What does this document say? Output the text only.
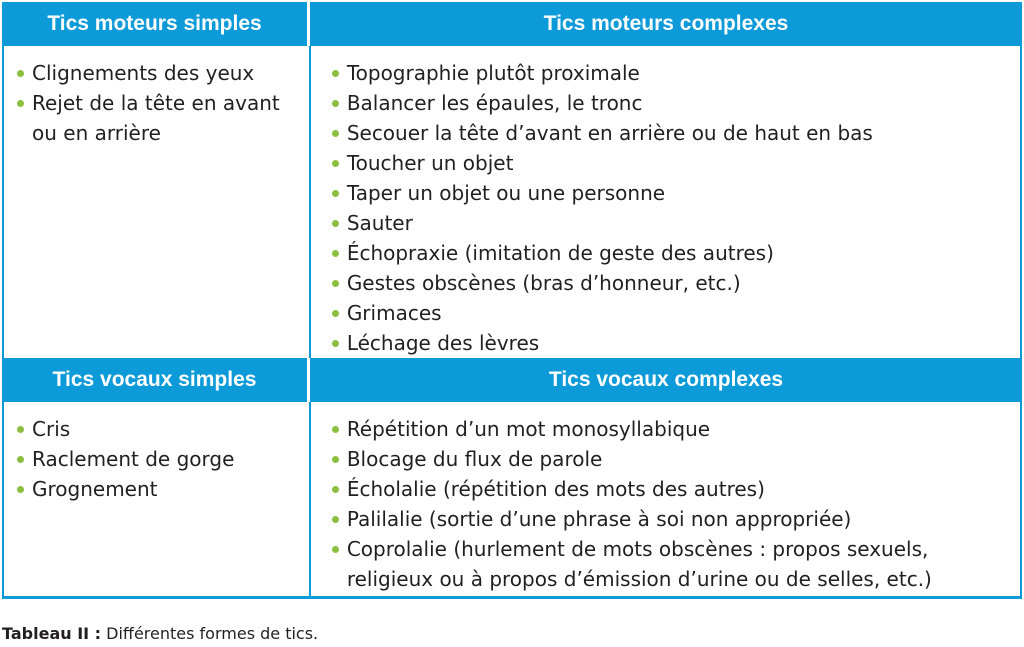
Tics moteurs simples	Tics moteurs complexes
Clignements des yeux
Rejet de la tête en avant ou en arrière
Topographie plutôt proximale
Balancer les épaules, le tronc
Secouer la tête d’avant en arrière ou de haut en bas
Toucher un objet
Taper un objet ou une personne
Sauter
Échopraxie (imitation de geste des autres)
Gestes obscènes (bras d’honneur, etc.)
Grimaces
Léchage des lèvres
Tics vocaux simples	Tics vocaux complexes
Cris
Raclement de gorge
Grognement
Répétition d’un mot monosyllabique
Blocage du flux de parole
Écholalie (répétition des mots des autres)
Palilalie (sortie d’une phrase à soi non appropriée)
Coprolalie (hurlement de mots obscènes : propos sexuels, religieux ou à propos d’émission d’urine ou de selles, etc.)
Tableau II : Différentes formes de tics.
